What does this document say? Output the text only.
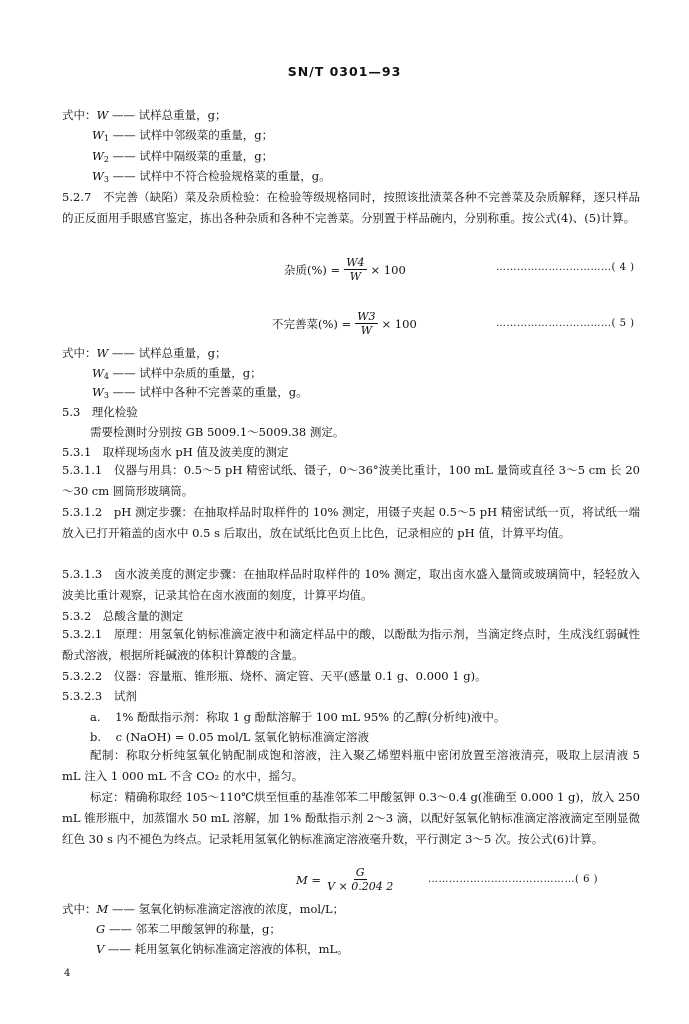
SN/T 0301—93
式中：W —— 试样总重量，g；
$W_1$ —— 试样中邻级菜的重量，g；
$W_2$ —— 试样中隔级菜的重量，g；
$W_3$ —— 试样中不符合检验规格菜的重量，g。
5.2.7　不完善（缺陷）菜及杂质检验：在检验等级规格同时，按照该批渍菜各种不完善菜及杂质解释，逐只样品的正反面用手眼感官鉴定，拣出各种杂质和各种不完善菜。分别置于样品碗内，分别称重。按公式(4)、(5)计算。
杂质(%) = $\frac{W4}{W} \times 100$	……………………………( 4 )
不完善菜(%) = $\frac{W3}{W} \times 100$	……………………………( 5 )
式中：W —— 试样总重量，g；
$W_4$ —— 试样中杂质的重量，g；
$W_3$ —— 试样中各种不完善菜的重量，g。
5.3　理化检验
需要检测时分别按 GB 5009.1～5009.38 测定。
5.3.1　取样现场卤水 pH 值及波美度的测定
5.3.1.1　仪器与用具：0.5～5 pH 精密试纸、镊子，0～36°波美比重计，100 mL 量筒或直径 3～5 cm 长 20～30 cm 圆筒形玻璃筒。
5.3.1.2　pH 测定步骤：在抽取样品时取样件的 10% 测定，用镊子夹起 0.5～5 pH 精密试纸一页，将试纸一端放入已打开箱盖的卤水中 0.5 s 后取出，放在试纸比色页上比色，记录相应的 pH 值，计算平均值。
5.3.1.3　卤水波美度的测定步骤：在抽取样品时取样件的 10% 测定，取出卤水盛入量筒或玻璃筒中，轻轻放入波美比重计观察，记录其恰在卤水液面的刻度，计算平均值。
5.3.2　总酸含量的测定
5.3.2.1　原理：用氢氧化钠标准滴定液中和滴定样品中的酸，以酚酞为指示剂，当滴定终点时，生成浅红弱碱性酚式溶液，根据所耗碱液的体积计算酸的含量。
5.3.2.2　仪器：容量瓶、锥形瓶、烧杯、滴定管、天平(感量 0.1 g、0.000 1 g)。
5.3.2.3　试剂
a. 1% 酚酞指示剂：称取 1 g 酚酞溶解于 100 mL 95% 的乙醇(分析纯)液中。
b. c (NaOH) = 0.05 mol/L 氢氧化钠标准滴定溶液
配制：称取分析纯氢氧化钠配制成饱和溶液，注入聚乙烯塑料瓶中密闭放置至溶液清亮，吸取上层清液 5 mL 注入 1 000 mL 不含 CO₂ 的水中，摇匀。
标定：精确称取经 105～110℃烘至恒重的基准邻苯二甲酸氢钾 0.3～0.4 g(准确至 0.000 1 g)，放入 250 mL 锥形瓶中，加蒸馏水 50 mL 溶解，加 1% 酚酞指示剂 2～3 滴，以配好氢氧化钠标准滴定溶液滴定至刚显微红色 30 s 内不褪色为终点。记录耗用氢氧化钠标准滴定溶液毫升数，平行测定 3～5 次。按公式(6)计算。
$M = \frac{G}{V \times 0.204 2}$	……………………………………( 6 )
式中：M —— 氢氧化钠标准滴定溶液的浓度，mol/L；
G —— 邻苯二甲酸氢钾的称量，g；
V —— 耗用氢氧化钠标准滴定溶液的体积，mL。
4
